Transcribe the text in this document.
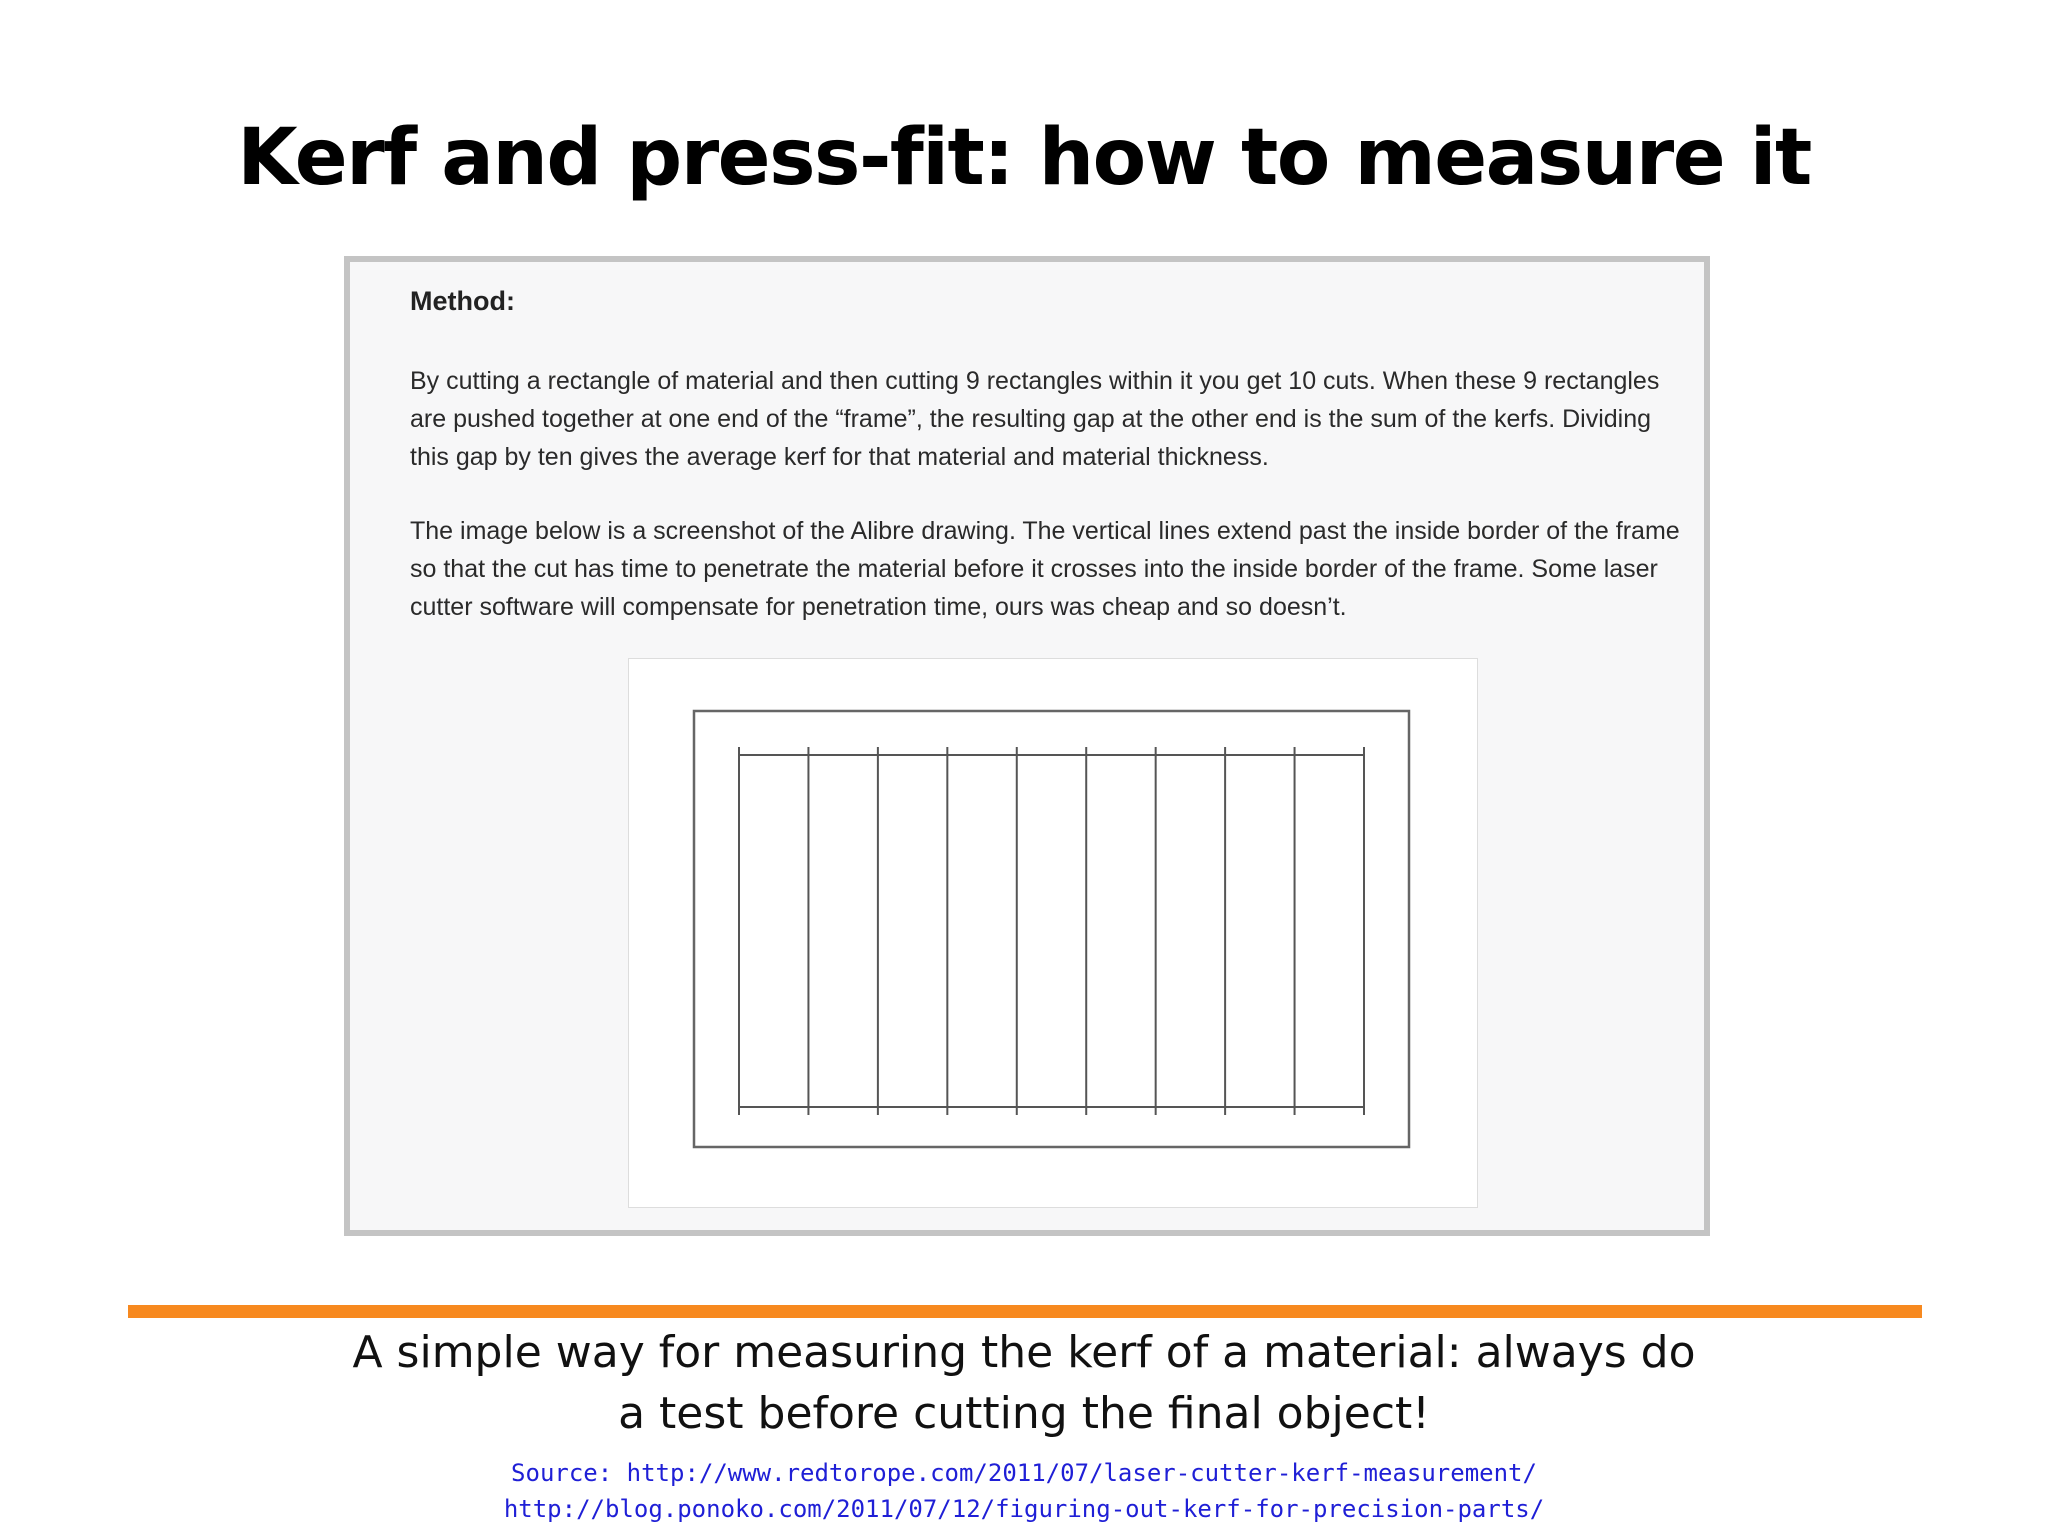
Kerf and press-fit: how to measure it

Method:

By cutting a rectangle of material and then cutting 9 rectangles within it you get 10 cuts. When these 9 rectangles are pushed together at one end of the “frame”, the resulting gap at the other end is the sum of the kerfs. Dividing this gap by ten gives the average kerf for that material and material thickness.

The image below is a screenshot of the Alibre drawing. The vertical lines extend past the inside border of the frame so that the cut has time to penetrate the material before it crosses into the inside border of the frame. Some laser cutter software will compensate for penetration time, ours was cheap and so doesn’t.

A simple way for measuring the kerf of a material: always do
a test before cutting the final object!

Source: http://www.redtorope.com/2011/07/laser-cutter-kerf-measurement/
http://blog.ponoko.com/2011/07/12/figuring-out-kerf-for-precision-parts/
